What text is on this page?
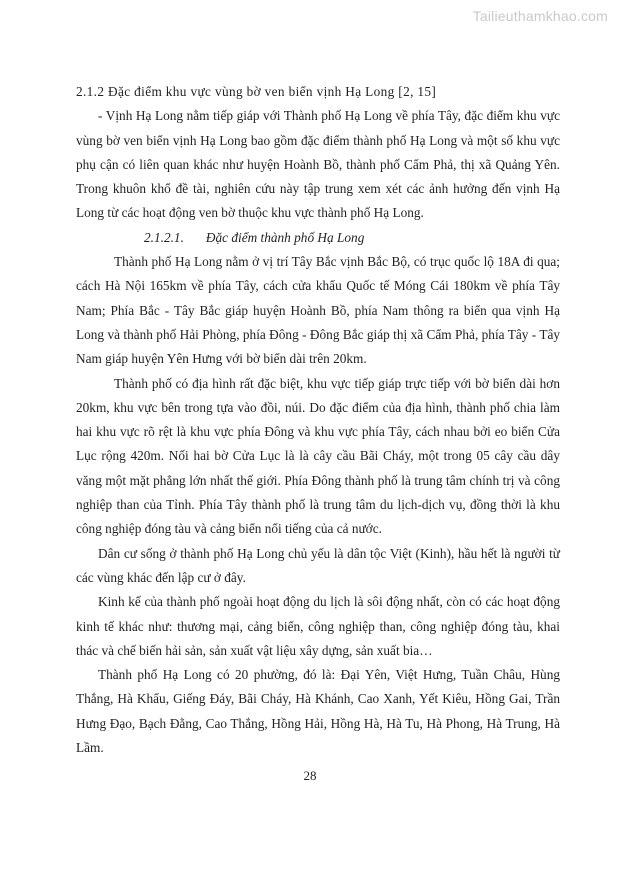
Tailieuthamkhao.com
2.1.2 Đặc điểm khu vực vùng bờ ven biển vịnh Hạ Long [2, 15]

- Vịnh Hạ Long nằm tiếp giáp với Thành phố Hạ Long về phía Tây, đặc điểm khu vực vùng bờ ven biển vịnh Hạ Long bao gồm đặc điểm thành phố Hạ Long và một số khu vực phụ cận có liên quan khác như huyện Hoành Bồ, thành phố Cẩm Phả, thị xã Quảng Yên. Trong khuôn khổ đề tài, nghiên cứu này tập trung xem xét các ảnh hưởng đến vịnh Hạ Long từ các hoạt động ven bờ thuộc khu vực thành phố Hạ Long.

2.1.2.1. Đặc điểm thành phố Hạ Long

Thành phố Hạ Long nằm ở vị trí Tây Bắc vịnh Bắc Bộ, có trục quốc lộ 18A đi qua; cách Hà Nội 165km về phía Tây, cách cửa khẩu Quốc tế Móng Cái 180km về phía Tây Nam; Phía Bắc - Tây Bắc giáp huyện Hoành Bồ, phía Nam thông ra biển qua vịnh Hạ Long và thành phố Hải Phòng, phía Đông - Đông Bắc giáp thị xã Cẩm Phả, phía Tây - Tây Nam giáp huyện Yên Hưng với bờ biển dài trên 20km.

Thành phố có địa hình rất đặc biệt, khu vực tiếp giáp trực tiếp với bờ biển dài hơn 20km, khu vực bên trong tựa vào đồi, núi. Do đặc điểm của địa hình, thành phố chia làm hai khu vực rõ rệt là khu vực phía Đông và khu vực phía Tây, cách nhau bởi eo biển Cửa Lục rộng 420m. Nối hai bờ Cửa Lục là là cây cầu Bãi Cháy, một trong 05 cây cầu dây văng một mặt phẳng lớn nhất thế giới. Phía Đông thành phố là trung tâm chính trị và công nghiệp than của Tỉnh. Phía Tây thành phố là trung tâm du lịch-dịch vụ, đồng thời là khu công nghiệp đóng tàu và cảng biển nổi tiếng của cả nước.

Dân cư sống ở thành phố Hạ Long chủ yếu là dân tộc Việt (Kinh), hầu hết là người từ các vùng khác đến lập cư ở đây.

Kinh kế của thành phố ngoài hoạt động du lịch là sôi động nhất, còn có các hoạt động kinh tế khác như: thương mại, cảng biển, công nghiệp than, công nghiệp đóng tàu, khai thác và chế biến hải sản, sản xuất vật liệu xây dựng, sản xuất bia…

Thành phố Hạ Long có 20 phường, đó là: Đại Yên, Việt Hưng, Tuần Châu, Hùng Thắng, Hà Khẩu, Giếng Đáy, Bãi Cháy, Hà Khánh, Cao Xanh, Yết Kiêu, Hồng Gai, Trần Hưng Đạo, Bạch Đằng, Cao Thắng, Hồng Hải, Hồng Hà, Hà Tu, Hà Phong, Hà Trung, Hà Lầm.

28
